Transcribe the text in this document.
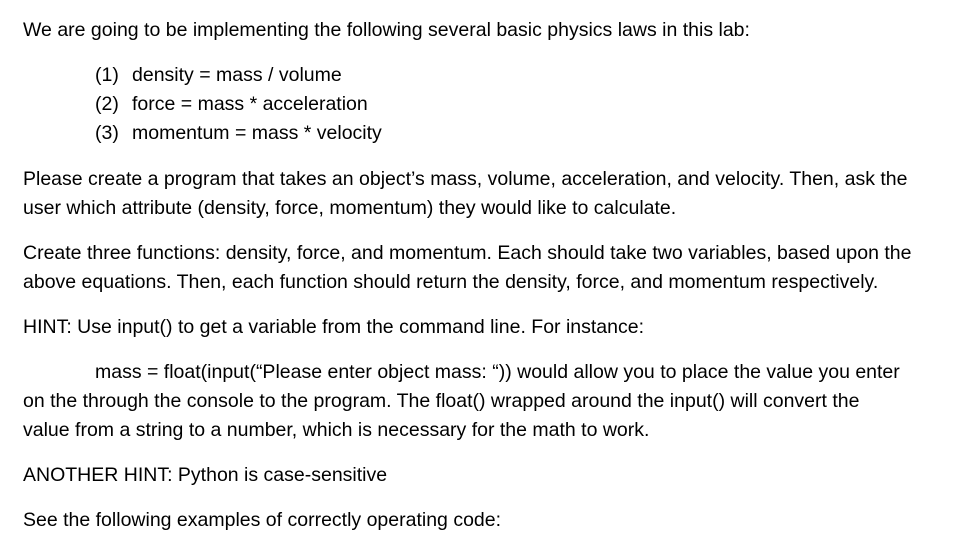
We are going to be implementing the following several basic physics laws in this lab:
(1) density = mass / volume
(2) force = mass * acceleration
(3) momentum = mass * velocity
Please create a program that takes an object’s mass, volume, acceleration, and velocity. Then, ask the
user which attribute (density, force, momentum) they would like to calculate.
Create three functions: density, force, and momentum. Each should take two variables, based upon the
above equations. Then, each function should return the density, force, and momentum respectively.
HINT: Use input() to get a variable from the command line. For instance:
mass = float(input(“Please enter object mass: “)) would allow you to place the value you enter
on the through the console to the program. The float() wrapped around the input() will convert the
value from a string to a number, which is necessary for the math to work.
ANOTHER HINT: Python is case-sensitive
See the following examples of correctly operating code:
